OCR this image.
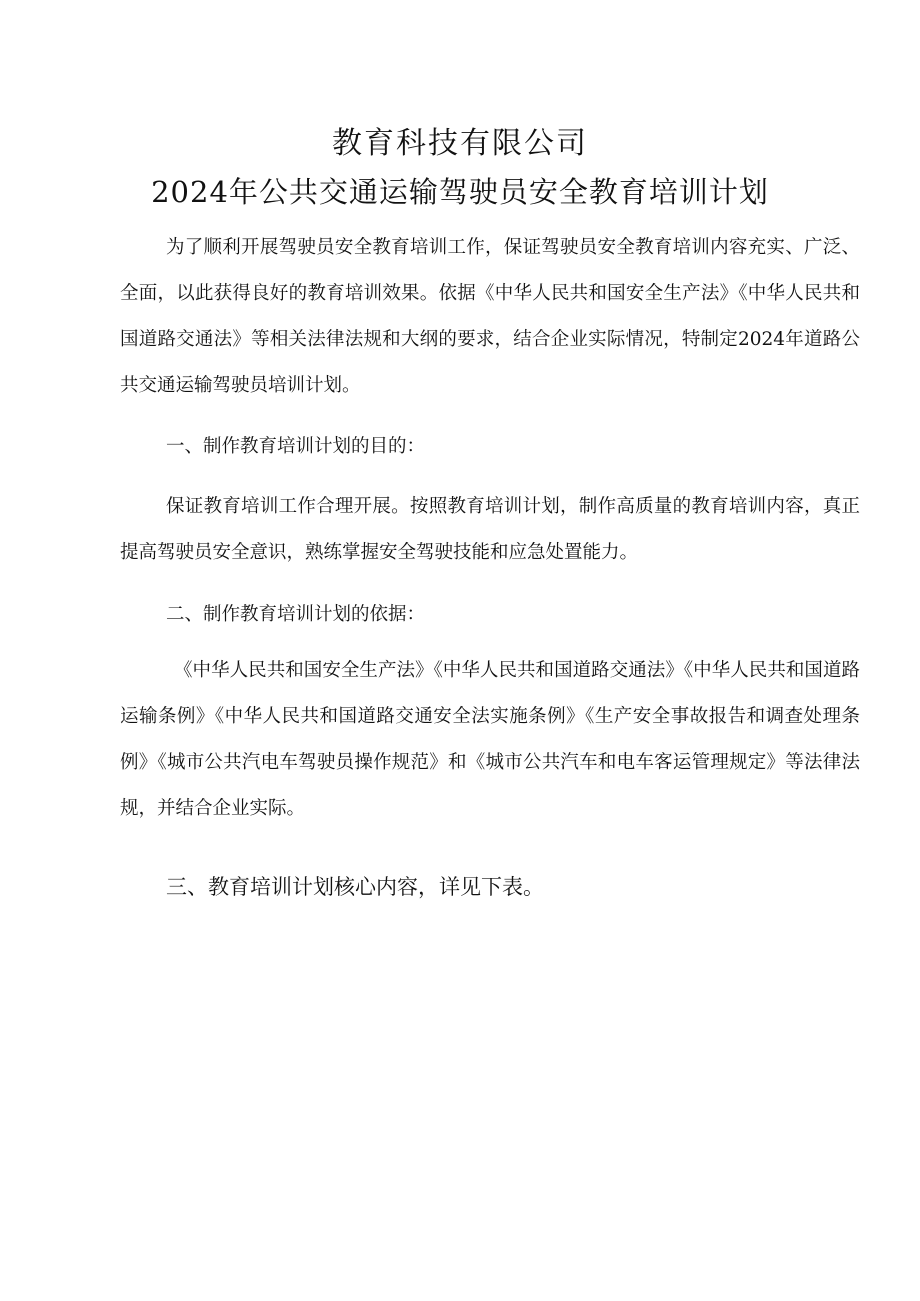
教育科技有限公司
2024年公共交通运输驾驶员安全教育培训计划

为了顺利开展驾驶员安全教育培训工作，保证驾驶员安全教育培训内容充实、广泛、全面，以此获得良好的教育培训效果。依据《中华人民共和国安全生产法》《中华人民共和国道路交通法》等相关法律法规和大纲的要求，结合企业实际情况，特制定2024年道路公共交通运输驾驶员培训计划。

一、制作教育培训计划的目的：

保证教育培训工作合理开展。按照教育培训计划，制作高质量的教育培训内容，真正提高驾驶员安全意识，熟练掌握安全驾驶技能和应急处置能力。

二、制作教育培训计划的依据：

《中华人民共和国安全生产法》《中华人民共和国道路交通法》《中华人民共和国道路运输条例》《中华人民共和国道路交通安全法实施条例》《生产安全事故报告和调查处理条例》《城市公共汽电车驾驶员操作规范》和《城市公共汽车和电车客运管理规定》等法律法规，并结合企业实际。

三、教育培训计划核心内容，详见下表。
